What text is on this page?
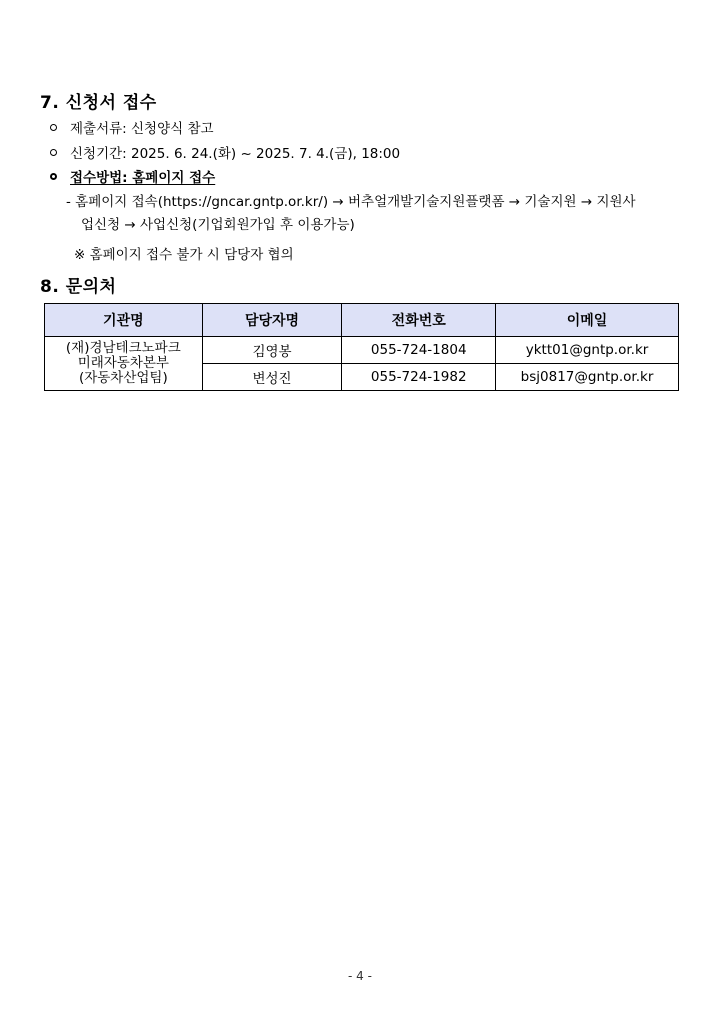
7. 신청서 접수
제출서류: 신청양식 참고
신청기간: 2025. 6. 24.(화) ~ 2025. 7. 4.(금), 18:00
접수방법: 홈페이지 접수
- 홈페이지 접속(https://gncar.gntp.or.kr/) → 버추얼개발기술지원플랫폼 → 기술지원 → 지원사
업신청 → 사업신청(기업회원가입 후 이용가능)
※ 홈페이지 접수 불가 시 담당자 협의
8. 문의처
기관명	담당자명	전화번호	이메일

(재)경남테크노파크
미래자동차본부
(자동차산업팀)	김영봉	055-724-1804	yktt01@gntp.or.kr
	변성진	055-724-1982	bsj0817@gntp.or.kr
- 4 -
